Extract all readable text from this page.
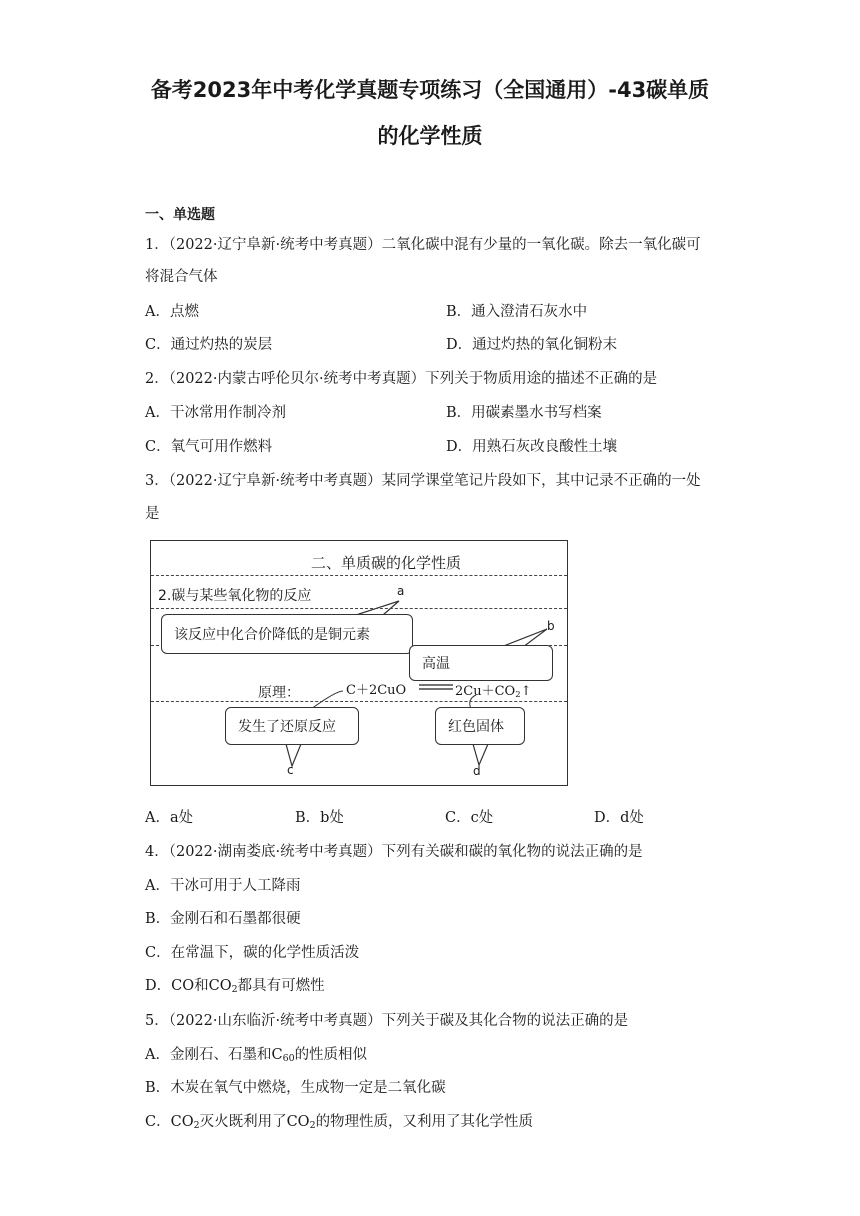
备考2023年中考化学真题专项练习（全国通用）-43碳单质
的化学性质
一、单选题
1．（2022·辽宁阜新·统考中考真题）二氧化碳中混有少量的一氧化碳。除去一氧化碳可
将混合气体
A．点燃	B．通入澄清石灰水中
C．通过灼热的炭层	D．通过灼热的氧化铜粉末
2．（2022·内蒙古呼伦贝尔·统考中考真题）下列关于物质用途的描述不正确的是
A．干冰常用作制冷剂	B．用碳素墨水书写档案
C．氧气可用作燃料	D．用熟石灰改良酸性土壤
3．（2022·辽宁阜新·统考中考真题）某同学课堂笔记片段如下，其中记录不正确的一处
是
二、单质碳的化学性质
2.碳与某些氧化物的反应	a
b
c	d
该反应中化合价降低的是铜元素
高温
原理：	C＋2CuO	$2Cu+CO_2↑$
发生了还原反应	红色固体
A．a处	B．b处	C．c处	D．d处
4．（2022·湖南娄底·统考中考真题）下列有关碳和碳的氧化物的说法正确的是
A．干冰可用于人工降雨
B．金刚石和石墨都很硬
C．在常温下，碳的化学性质活泼
D．CO和$CO_2$都具有可燃性
5．（2022·山东临沂·统考中考真题）下列关于碳及其化合物的说法正确的是
A．金刚石、石墨和$C_{60}$的性质相似
B．木炭在氧气中燃烧，生成物一定是二氧化碳
C．$CO_2$灭火既利用了$CO_2$的物理性质，又利用了其化学性质
